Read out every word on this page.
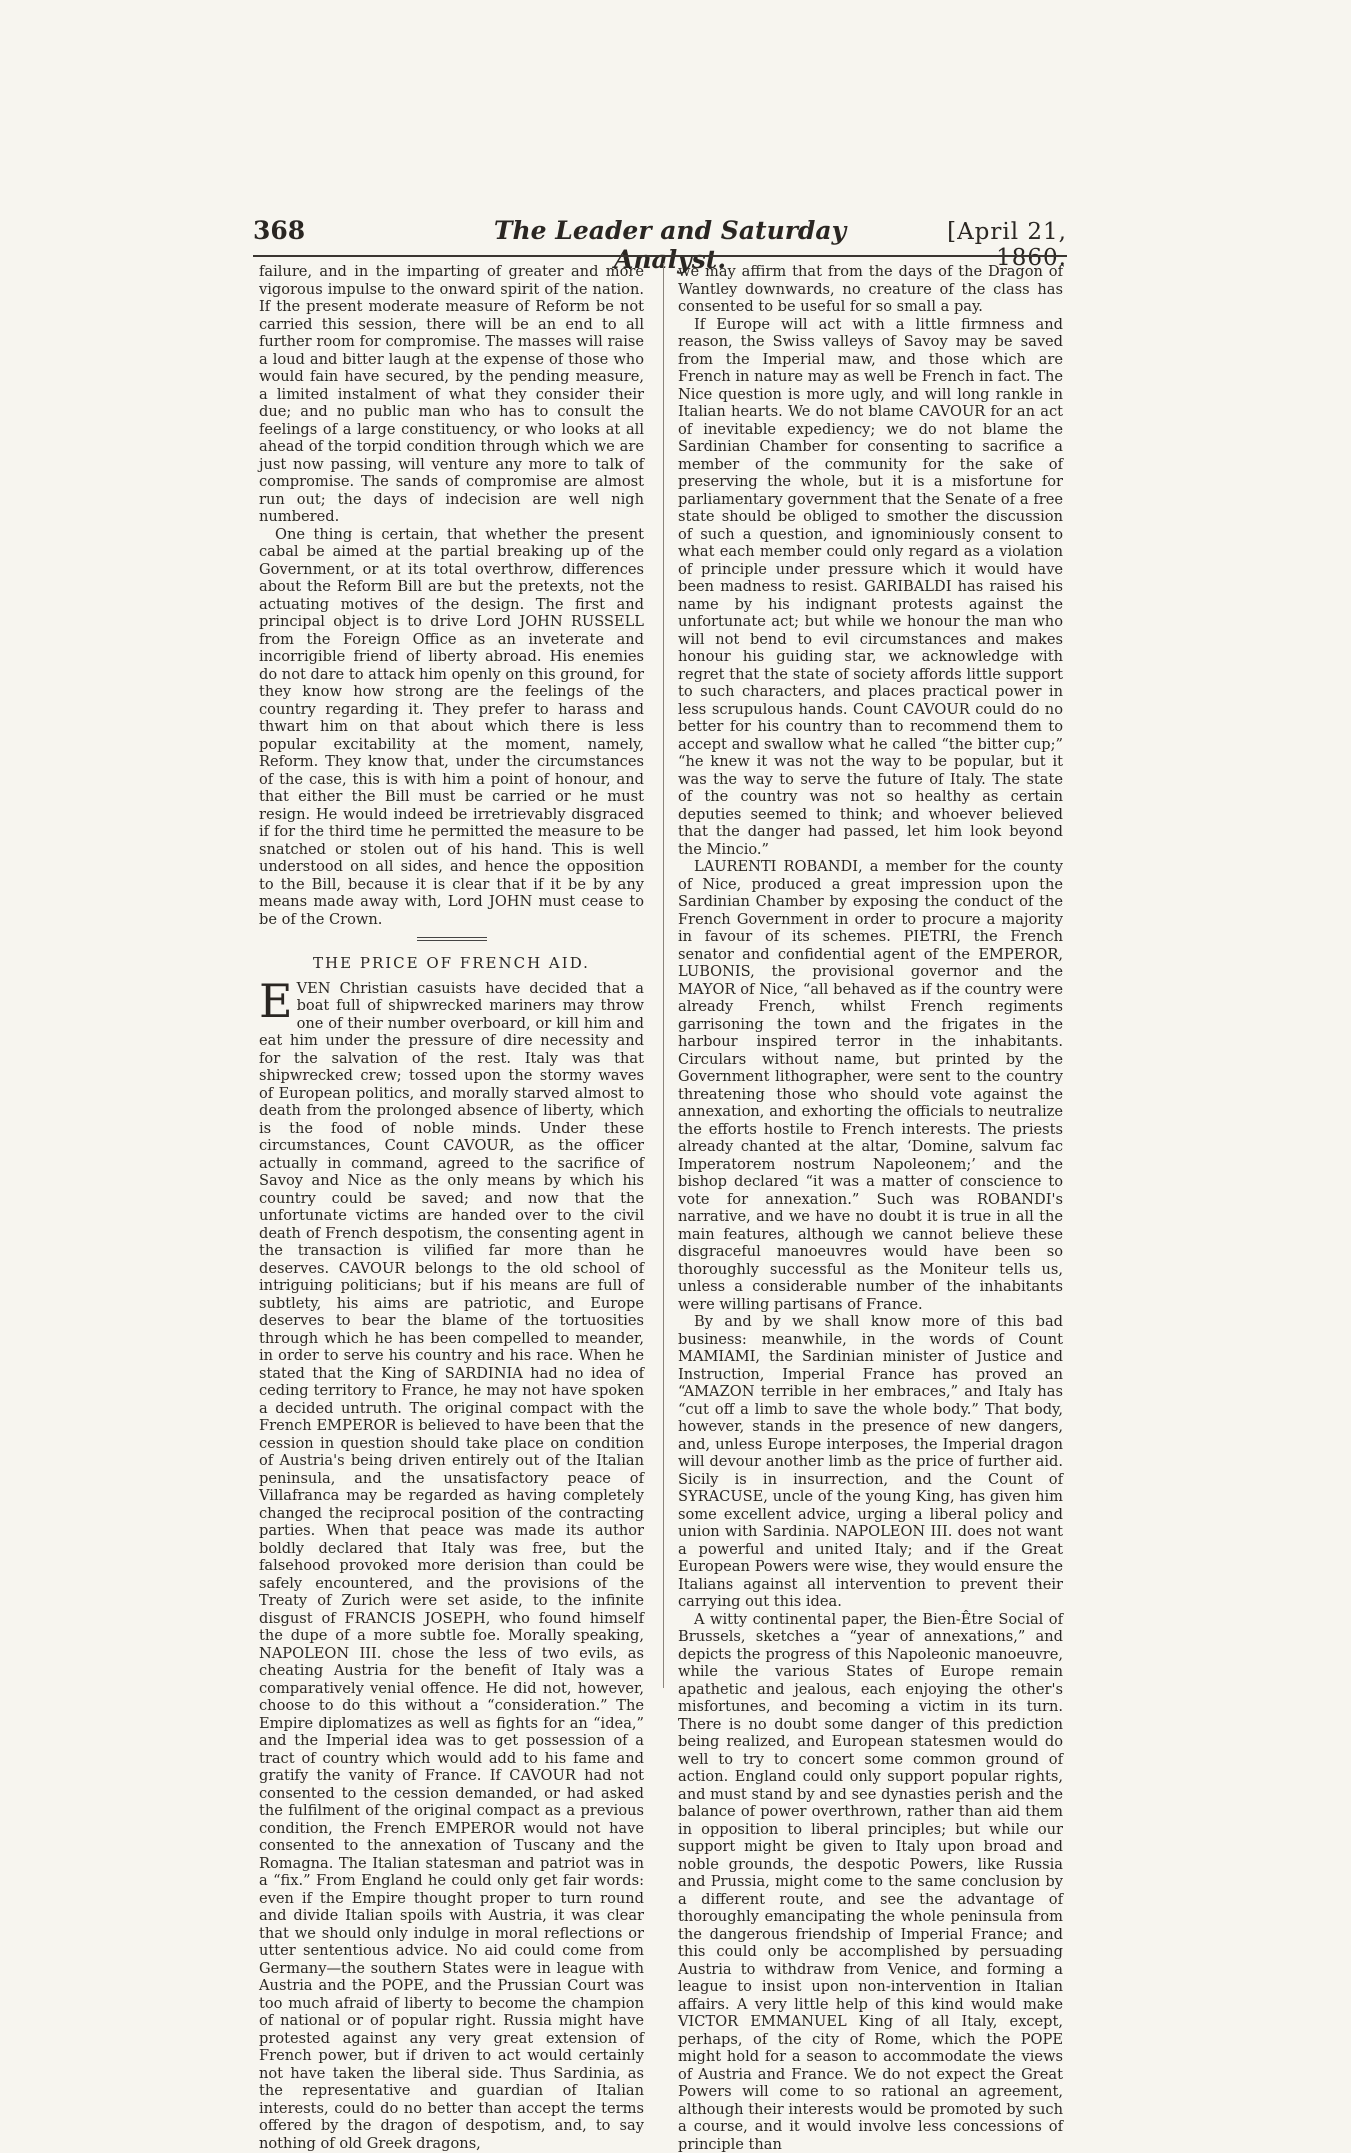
368	The Leader and Saturday Analyst.
[April 21, 1860.

failure, and in the imparting of greater and more vigorous impulse to the onward spirit of the nation. If the present moderate measure of Reform be not carried this session, there will be an end to all further room for compromise. The masses will raise a loud and bitter laugh at the expense of those who would fain have secured, by the pending measure, a limited instalment of what they consider their due; and no public man who has to consult the feelings of a large constituency, or who looks at all ahead of the torpid condition through which we are just now passing, will venture any more to talk of compromise. The sands of compromise are almost run out; the days of indecision are well nigh numbered.

One thing is certain, that whether the present cabal be aimed at the partial breaking up of the Government, or at its total overthrow, differences about the Reform Bill are but the pretexts, not the actuating motives of the design. The first and principal object is to drive Lord JOHN RUSSELL from the Foreign Office as an inveterate and incorrigible friend of liberty abroad. His enemies do not dare to attack him openly on this ground, for they know how strong are the feelings of the country regarding it. They prefer to harass and thwart him on that about which there is less popular excitability at the moment, namely, Reform. They know that, under the circumstances of the case, this is with him a point of honour, and that either the Bill must be carried or he must resign. He would indeed be irretrievably disgraced if for the third time he permitted the measure to be snatched or stolen out of his hand. This is well understood on all sides, and hence the opposition to the Bill, because it is clear that if it be by any means made away with, Lord JOHN must cease to be of the Crown.

THE PRICE OF FRENCH AID.

EVEN Christian casuists have decided that a boat full of shipwrecked mariners may throw one of their number overboard, or kill him and eat him under the pressure of dire necessity and for the salvation of the rest. Italy was that shipwrecked crew; tossed upon the stormy waves of European politics, and morally starved almost to death from the prolonged absence of liberty, which is the food of noble minds. Under these circumstances, Count CAVOUR, as the officer actually in command, agreed to the sacrifice of Savoy and Nice as the only means by which his country could be saved; and now that the unfortunate victims are handed over to the civil death of French despotism, the consenting agent in the transaction is vilified far more than he deserves. CAVOUR belongs to the old school of intriguing politicians; but if his means are full of subtlety, his aims are patriotic, and Europe deserves to bear the blame of the tortuosities through which he has been compelled to meander, in order to serve his country and his race. When he stated that the King of SARDINIA had no idea of ceding territory to France, he may not have spoken a decided untruth. The original compact with the French EMPEROR is believed to have been that the cession in question should take place on condition of Austria's being driven entirely out of the Italian peninsula, and the unsatisfactory peace of Villafranca may be regarded as having completely changed the reciprocal position of the contracting parties. When that peace was made its author boldly declared that Italy was free, but the falsehood provoked more derision than could be safely encountered, and the provisions of the Treaty of Zurich were set aside, to the infinite disgust of FRANCIS JOSEPH, who found himself the dupe of a more subtle foe. Morally speaking, NAPOLEON III. chose the less of two evils, as cheating Austria for the benefit of Italy was a comparatively venial offence. He did not, however, choose to do this without a “consideration.” The Empire diplomatizes as well as fights for an “idea,” and the Imperial idea was to get possession of a tract of country which would add to his fame and gratify the vanity of France. If CAVOUR had not consented to the cession demanded, or had asked the fulfilment of the original compact as a previous condition, the French EMPEROR would not have consented to the annexation of Tuscany and the Romagna. The Italian statesman and patriot was in a “fix.” From England he could only get fair words: even if the Empire thought proper to turn round and divide Italian spoils with Austria, it was clear that we should only indulge in moral reflections or utter sententious advice. No aid could come from Germany—the southern States were in league with Austria and the POPE, and the Prussian Court was too much afraid of liberty to become the champion of national or of popular right. Russia might have protested against any very great extension of French power, but if driven to act would certainly not have taken the liberal side. Thus Sardinia, as the representative and guardian of Italian interests, could do no better than accept the terms offered by the dragon of despotism, and, to say nothing of old Greek dragons,

we may affirm that from the days of the Dragon of Wantley downwards, no creature of the class has consented to be useful for so small a pay.

If Europe will act with a little firmness and reason, the Swiss valleys of Savoy may be saved from the Imperial maw, and those which are French in nature may as well be French in fact. The Nice question is more ugly, and will long rankle in Italian hearts. We do not blame CAVOUR for an act of inevitable expediency; we do not blame the Sardinian Chamber for consenting to sacrifice a member of the community for the sake of preserving the whole, but it is a misfortune for parliamentary government that the Senate of a free state should be obliged to smother the discussion of such a question, and ignominiously consent to what each member could only regard as a violation of principle under pressure which it would have been madness to resist. GARIBALDI has raised his name by his indignant protests against the unfortunate act; but while we honour the man who will not bend to evil circumstances and makes honour his guiding star, we acknowledge with regret that the state of society affords little support to such characters, and places practical power in less scrupulous hands. Count CAVOUR could do no better for his country than to recommend them to accept and swallow what he called “the bitter cup;” “he knew it was not the way to be popular, but it was the way to serve the future of Italy. The state of the country was not so healthy as certain deputies seemed to think; and whoever believed that the danger had passed, let him look beyond the Mincio.”

LAURENTI ROBANDI, a member for the county of Nice, produced a great impression upon the Sardinian Chamber by exposing the conduct of the French Government in order to procure a majority in favour of its schemes. PIETRI, the French senator and confidential agent of the EMPEROR, LUBONIS, the provisional governor and the MAYOR of Nice, “all behaved as if the country were already French, whilst French regiments garrisoning the town and the frigates in the harbour inspired terror in the inhabitants. Circulars without name, but printed by the Government lithographer, were sent to the country threatening those who should vote against the annexation, and exhorting the officials to neutralize the efforts hostile to French interests. The priests already chanted at the altar, ‘Domine, salvum fac Imperatorem nostrum Napoleonem;’ and the bishop declared “it was a matter of conscience to vote for annexation.” Such was ROBANDI's narrative, and we have no doubt it is true in all the main features, although we cannot believe these disgraceful manoeuvres would have been so thoroughly successful as the Moniteur tells us, unless a considerable number of the inhabitants were willing partisans of France.

By and by we shall know more of this bad business: meanwhile, in the words of Count MAMIAMI, the Sardinian minister of Justice and Instruction, Imperial France has proved an “AMAZON terrible in her embraces,” and Italy has “cut off a limb to save the whole body.” That body, however, stands in the presence of new dangers, and, unless Europe interposes, the Imperial dragon will devour another limb as the price of further aid. Sicily is in insurrection, and the Count of SYRACUSE, uncle of the young King, has given him some excellent advice, urging a liberal policy and union with Sardinia. NAPOLEON III. does not want a powerful and united Italy; and if the Great European Powers were wise, they would ensure the Italians against all intervention to prevent their carrying out this idea.

A witty continental paper, the Bien-Être Social of Brussels, sketches a “year of annexations,” and depicts the progress of this Napoleonic manoeuvre, while the various States of Europe remain apathetic and jealous, each enjoying the other's misfortunes, and becoming a victim in its turn. There is no doubt some danger of this prediction being realized, and European statesmen would do well to try to concert some common ground of action. England could only support popular rights, and must stand by and see dynasties perish and the balance of power overthrown, rather than aid them in opposition to liberal principles; but while our support might be given to Italy upon broad and noble grounds, the despotic Powers, like Russia and Prussia, might come to the same conclusion by a different route, and see the advantage of thoroughly emancipating the whole peninsula from the dangerous friendship of Imperial France; and this could only be accomplished by persuading Austria to withdraw from Venice, and forming a league to insist upon non-intervention in Italian affairs. A very little help of this kind would make VICTOR EMMANUEL King of all Italy, except, perhaps, of the city of Rome, which the POPE might hold for a season to accommodate the views of Austria and France. We do not expect the Great Powers will come to so rational an agreement, although their interests would be promoted by such a course, and it would involve less concessions of principle than
